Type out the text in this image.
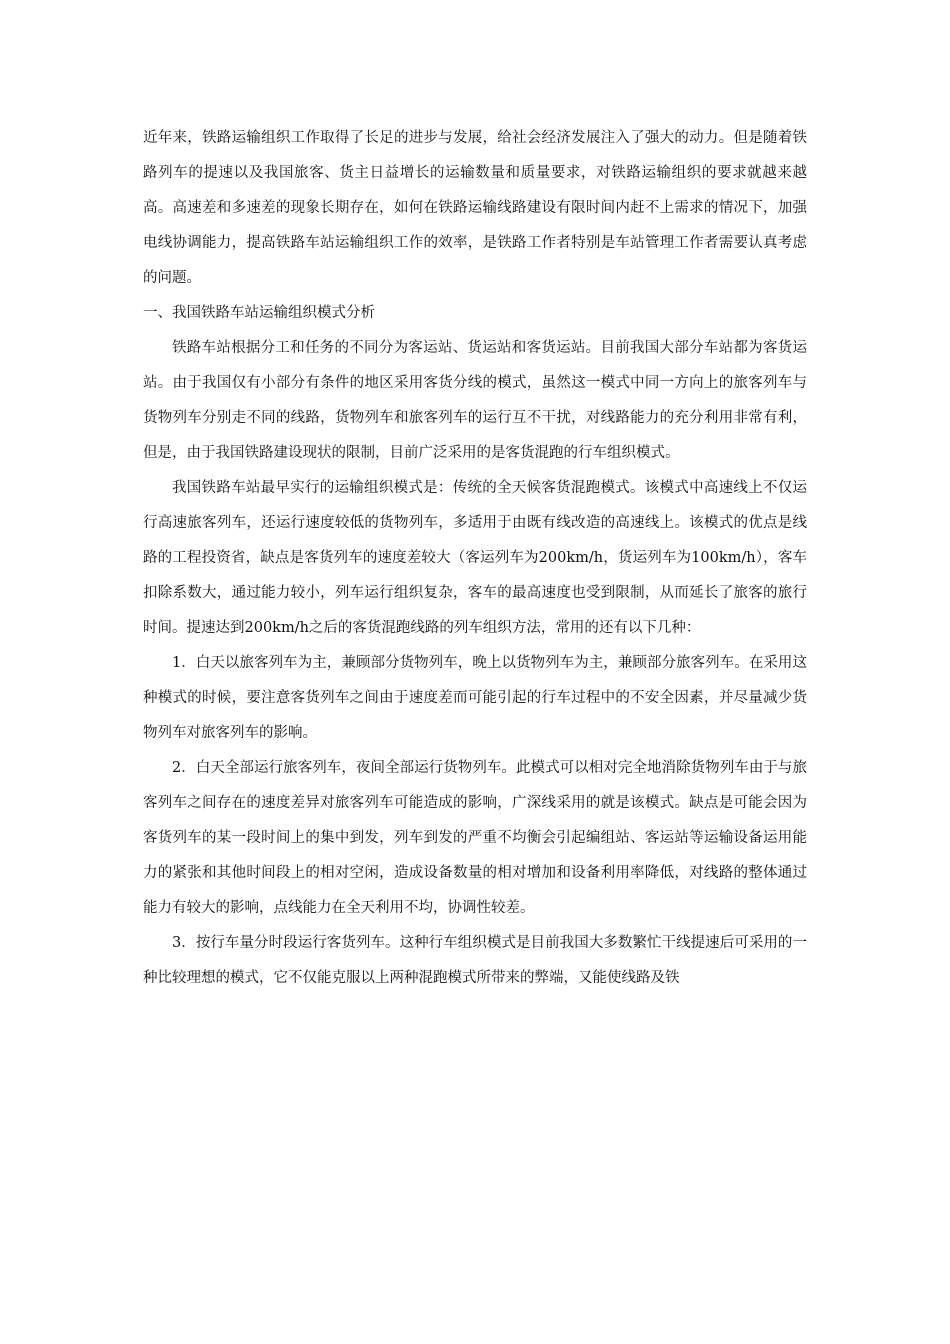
近年来，铁路运输组织工作取得了长足的进步与发展，给社会经济发展注入了强大的动力。但是随着铁路列车的提速以及我国旅客、货主日益增长的运输数量和质量要求，对铁路运输组织的要求就越来越高。高速差和多速差的现象长期存在，如何在铁路运输线路建设有限时间内赶不上需求的情况下，加强电线协调能力，提高铁路车站运输组织工作的效率，是铁路工作者特别是车站管理工作者需要认真考虑的问题。

一、我国铁路车站运输组织模式分析

铁路车站根据分工和任务的不同分为客运站、货运站和客货运站。目前我国大部分车站都为客货运站。由于我国仅有小部分有条件的地区采用客货分线的模式，虽然这一模式中同一方向上的旅客列车与货物列车分别走不同的线路，货物列车和旅客列车的运行互不干扰，对线路能力的充分利用非常有利，但是，由于我国铁路建设现状的限制，目前广泛采用的是客货混跑的行车组织模式。

我国铁路车站最早实行的运输组织模式是：传统的全天候客货混跑模式。该模式中高速线上不仅运行高速旅客列车，还运行速度较低的货物列车，多适用于由既有线改造的高速线上。该模式的优点是线路的工程投资省，缺点是客货列车的速度差较大（客运列车为200km/h，货运列车为100km/h），客车扣除系数大，通过能力较小，列车运行组织复杂，客车的最高速度也受到限制，从而延长了旅客的旅行时间。提速达到200km/h之后的客货混跑线路的列车组织方法，常用的还有以下几种：

1．白天以旅客列车为主，兼顾部分货物列车，晚上以货物列车为主，兼顾部分旅客列车。在采用这种模式的时候，要注意客货列车之间由于速度差而可能引起的行车过程中的不安全因素，并尽量减少货物列车对旅客列车的影响。

2．白天全部运行旅客列车，夜间全部运行货物列车。此模式可以相对完全地消除货物列车由于与旅客列车之间存在的速度差异对旅客列车可能造成的影响，广深线采用的就是该模式。缺点是可能会因为客货列车的某一段时间上的集中到发，列车到发的严重不均衡会引起编组站、客运站等运输设备运用能力的紧张和其他时间段上的相对空闲，造成设备数量的相对增加和设备利用率降低，对线路的整体通过能力有较大的影响，点线能力在全天利用不均，协调性较差。

3．按行车量分时段运行客货列车。这种行车组织模式是目前我国大多数繁忙干线提速后可采用的一种比较理想的模式，它不仅能克服以上两种混跑模式所带来的弊端，又能使线路及铁
